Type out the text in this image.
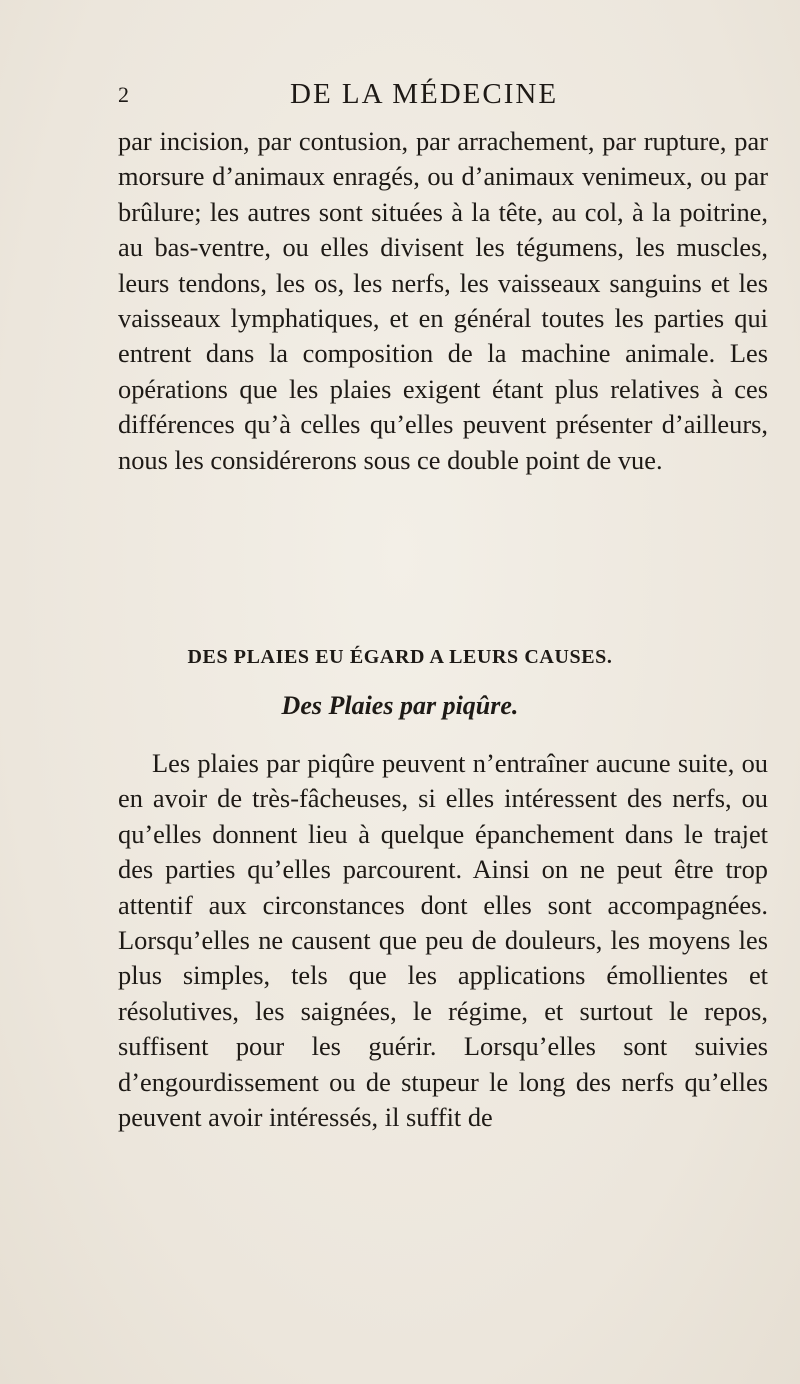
2	DE LA MÉDECINE

par incision, par contusion, par arrachement, par rupture, par morsure d’animaux enragés, ou d’animaux venimeux, ou par brûlure; les autres sont situées à la tête, au col, à la poitrine, au bas-ventre, ou elles divisent les tégumens, les muscles, leurs tendons, les os, les nerfs, les vaisseaux sanguins et les vaisseaux lymphatiques, et en général toutes les parties qui entrent dans la composition de la machine animale. Les opérations que les plaies exigent étant plus relatives à ces différences qu’à celles qu’elles peuvent présenter d’ailleurs, nous les considérerons sous ce double point de vue.

DES PLAIES EU ÉGARD A LEURS CAUSES.
Des Plaies par piqûre.

Les plaies par piqûre peuvent n’entraîner aucune suite, ou en avoir de très-fâcheuses, si elles intéressent des nerfs, ou qu’elles donnent lieu à quelque épanchement dans le trajet des parties qu’elles parcourent. Ainsi on ne peut être trop attentif aux circonstances dont elles sont accompagnées. Lorsqu’elles ne causent que peu de douleurs, les moyens les plus simples, tels que les applications émollientes et résolutives, les saignées, le régime, et surtout le repos, suffisent pour les guérir. Lorsqu’elles sont suivies d’engourdissement ou de stupeur le long des nerfs qu’elles peuvent avoir intéressés, il suffit de
